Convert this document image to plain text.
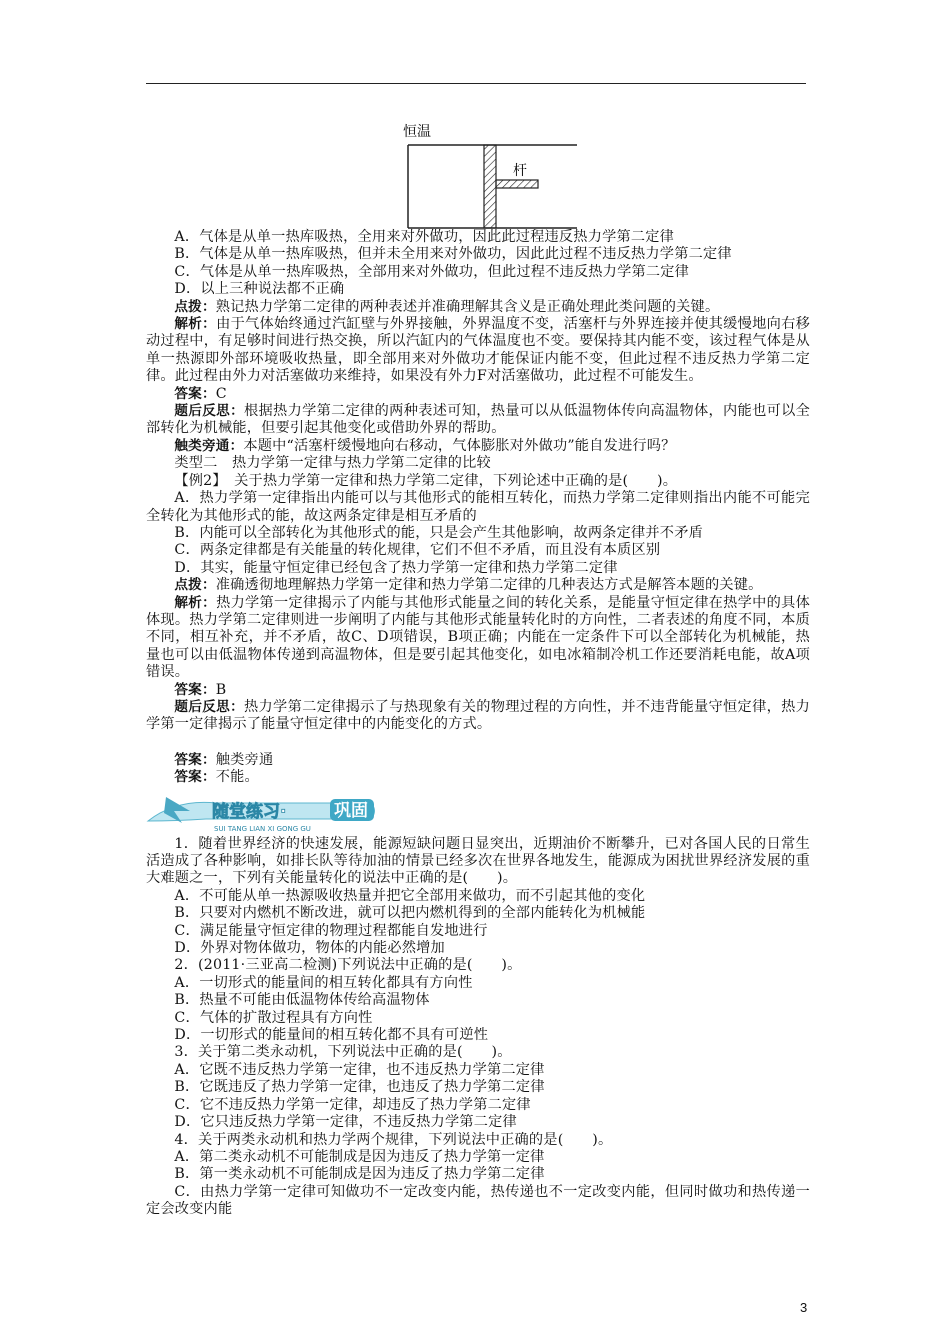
恒温
杆

A．气体是从单一热库吸热，全用来对外做功，因此此过程违反热力学第二定律

B．气体是从单一热库吸热，但并未全用来对外做功，因此此过程不违反热力学第二定律

C．气体是从单一热库吸热，全部用来对外做功，但此过程不违反热力学第二定律

D．以上三种说法都不正确

点拨：熟记热力学第二定律的两种表述并准确理解其含义是正确处理此类问题的关键。

解析：由于气体始终通过汽缸壁与外界接触，外界温度不变，活塞杆与外界连接并使其缓慢地向右移动过程中，有足够时间进行热交换，所以汽缸内的气体温度也不变。要保持其内能不变，该过程气体是从单一热源即外部环境吸收热量，即全部用来对外做功才能保证内能不变，但此过程不违反热力学第二定律。此过程由外力对活塞做功来维持，如果没有外力F对活塞做功，此过程不可能发生。

答案：C

题后反思：根据热力学第二定律的两种表述可知，热量可以从低温物体传向高温物体，内能也可以全部转化为机械能，但要引起其他变化或借助外界的帮助。

触类旁通：本题中“活塞杆缓慢地向右移动，气体膨胀对外做功”能自发进行吗？

类型二　热力学第一定律与热力学第二定律的比较

【例2】　关于热力学第一定律和热力学第二定律，下列论述中正确的是(　　)。

A．热力学第一定律指出内能可以与其他形式的能相互转化，而热力学第二定律则指出内能不可能完全转化为其他形式的能，故这两条定律是相互矛盾的

B．内能可以全部转化为其他形式的能，只是会产生其他影响，故两条定律并不矛盾

C．两条定律都是有关能量的转化规律，它们不但不矛盾，而且没有本质区别

D．其实，能量守恒定律已经包含了热力学第一定律和热力学第二定律

点拨：准确透彻地理解热力学第一定律和热力学第二定律的几种表达方式是解答本题的关键。

解析：热力学第一定律揭示了内能与其他形式能量之间的转化关系，是能量守恒定律在热学中的具体体现。热力学第二定律则进一步阐明了内能与其他形式能量转化时的方向性，二者表述的角度不同，本质不同，相互补充，并不矛盾，故C、D项错误，B项正确；内能在一定条件下可以全部转化为机械能，热量也可以由低温物体传递到高温物体，但是要引起其他变化，如电冰箱制冷机工作还要消耗电能，故A项错误。

答案：B

题后反思：热力学第二定律揭示了与热现象有关的物理过程的方向性，并不违背能量守恒定律，热力学第一定律揭示了能量守恒定律中的内能变化的方式。

答案：触类旁通

答案：不能。

随堂练习·	巩固
SUI TANG LIAN XI GONG GU

1．随着世界经济的快速发展，能源短缺问题日显突出，近期油价不断攀升，已对各国人民的日常生活造成了各种影响，如排长队等待加油的情景已经多次在世界各地发生，能源成为困扰世界经济发展的重大难题之一，下列有关能量转化的说法中正确的是(　　)。

A．不可能从单一热源吸收热量并把它全部用来做功，而不引起其他的变化

B．只要对内燃机不断改进，就可以把内燃机得到的全部内能转化为机械能

C．满足能量守恒定律的物理过程都能自发地进行

D．外界对物体做功，物体的内能必然增加

2．(2011·三亚高二检测)下列说法中正确的是(　　)。

A．一切形式的能量间的相互转化都具有方向性

B．热量不可能由低温物体传给高温物体

C．气体的扩散过程具有方向性

D．一切形式的能量间的相互转化都不具有可逆性

3．关于第二类永动机，下列说法中正确的是(　　)。

A．它既不违反热力学第一定律，也不违反热力学第二定律

B．它既违反了热力学第一定律，也违反了热力学第二定律

C．它不违反热力学第一定律，却违反了热力学第二定律

D．它只违反热力学第一定律，不违反热力学第二定律

4．关于两类永动机和热力学两个规律，下列说法中正确的是(　　)。

A．第二类永动机不可能制成是因为违反了热力学第一定律

B．第一类永动机不可能制成是因为违反了热力学第二定律

C．由热力学第一定律可知做功不一定改变内能，热传递也不一定改变内能，但同时做功和热传递一定会改变内能

3
